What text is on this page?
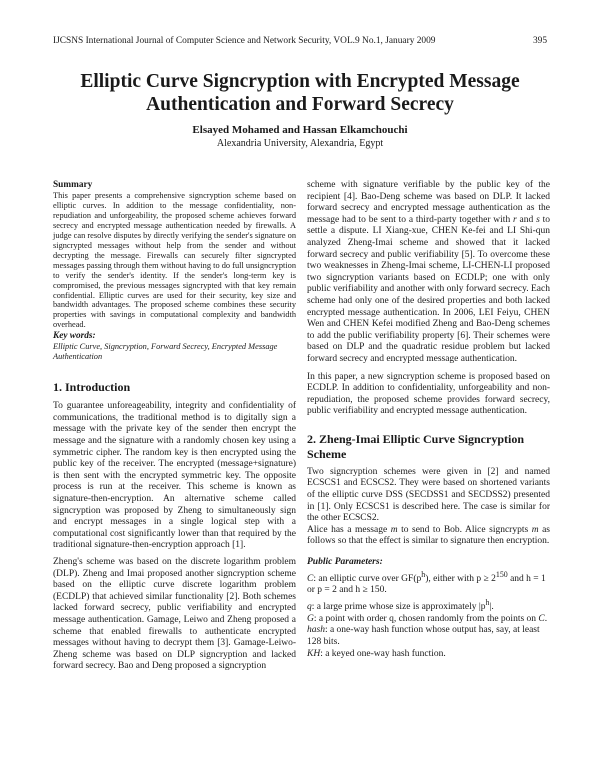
IJCSNS International Journal of Computer Science and Network Security, VOL.9 No.1, January 2009	395
Elliptic Curve Signcryption with Encrypted Message
Authentication and Forward Secrecy
Elsayed Mohamed and Hassan Elkamchouchi
Alexandria University, Alexandria, Egypt

Summary

This paper presents a comprehensive signcryption scheme based on elliptic curves. In addition to the message confidentiality, non-repudiation and unforgeability, the proposed scheme achieves forward secrecy and encrypted message authentication needed by firewalls. A judge can resolve disputes by directly verifying the sender's signature on signcrypted messages without help from the sender and without decrypting the message. Firewalls can securely filter signcrypted messages passing through them without having to do full unsigncryption to verify the sender's identity. If the sender's long-term key is compromised, the previous messages signcrypted with that key remain confidential. Elliptic curves are used for their security, key size and bandwidth advantages. The proposed scheme combines these security properties with savings in computational complexity and bandwidth overhead.

Key words:

Elliptic Curve, Signcryption, Forward Secrecy, Encrypted Message Authentication

1. Introduction

To guarantee unforeageability, integrity and confidentiality of communications, the traditional method is to digitally sign a message with the private key of the sender then encrypt the message and the signature with a randomly chosen key using a symmetric cipher. The random key is then encrypted using the public key of the receiver. The encrypted (message+signature) is then sent with the encrypted symmetric key. The opposite process is run at the receiver. This scheme is known as signature-then-encryption. An alternative scheme called signcryption was proposed by Zheng to simultaneously sign and encrypt messages in a single logical step with a computational cost significantly lower than that required by the traditional signature-then-encryption approach [1].

Zheng's scheme was based on the discrete logarithm problem (DLP). Zheng and Imai proposed another signcryption scheme based on the elliptic curve discrete logarithm problem (ECDLP) that achieved similar functionality [2]. Both schemes lacked forward secrecy, public verifiability and encrypted message authentication. Gamage, Leiwo and Zheng proposed a scheme that enabled firewalls to authenticate encrypted messages without having to decrypt them [3]. Gamage-Leiwo-Zheng scheme was based on DLP signcryption and lacked forward secrecy. Bao and Deng proposed a signcryption

scheme with signature verifiable by the public key of the recipient [4]. Bao-Deng scheme was based on DLP. It lacked forward secrecy and encrypted message authentication as the message had to be sent to a third-party together with r and s to settle a dispute. LI Xiang-xue, CHEN Ke-fei and LI Shi-qun analyzed Zheng-Imai scheme and showed that it lacked forward secrecy and public verifiability [5]. To overcome these two weaknesses in Zheng-Imai scheme, LI-CHEN-LI proposed two signcryption variants based on ECDLP; one with only public verifiability and another with only forward secrecy. Each scheme had only one of the desired properties and both lacked encrypted message authentication. In 2006, LEI Feiyu, CHEN Wen and CHEN Kefei modified Zheng and Bao-Deng schemes to add the public verifiability property [6]. Their schemes were based on DLP and the quadratic residue problem but lacked forward secrecy and encrypted message authentication.

In this paper, a new signcryption scheme is proposed based on ECDLP. In addition to confidentiality, unforgeability and non-repudiation, the proposed scheme provides forward secrecy, public verifiability and encrypted message authentication.

2. Zheng-Imai Elliptic Curve Signcryption Scheme

Two signcryption schemes were given in [2] and named ECSCS1 and ECSCS2. They were based on shortened variants of the elliptic curve DSS (SECDSS1 and SECDSS2) presented in [1]. Only ECSCS1 is described here. The case is similar for the other ECSCS2.

Alice has a message m to send to Bob. Alice signcrypts m as follows so that the effect is similar to signature then encryption.

Public Parameters:

C: an elliptic curve over $GF(p^h)$, either with $p \ge 2^{150}$ and h = 1 or p = 2 and h ≥ 150.

q: a large prime whose size is approximately $|p^h|$.

G: a point with order q, chosen randomly from the points on C.

hash: a one-way hash function whose output has, say, at least 128 bits.

KH: a keyed one-way hash function.
